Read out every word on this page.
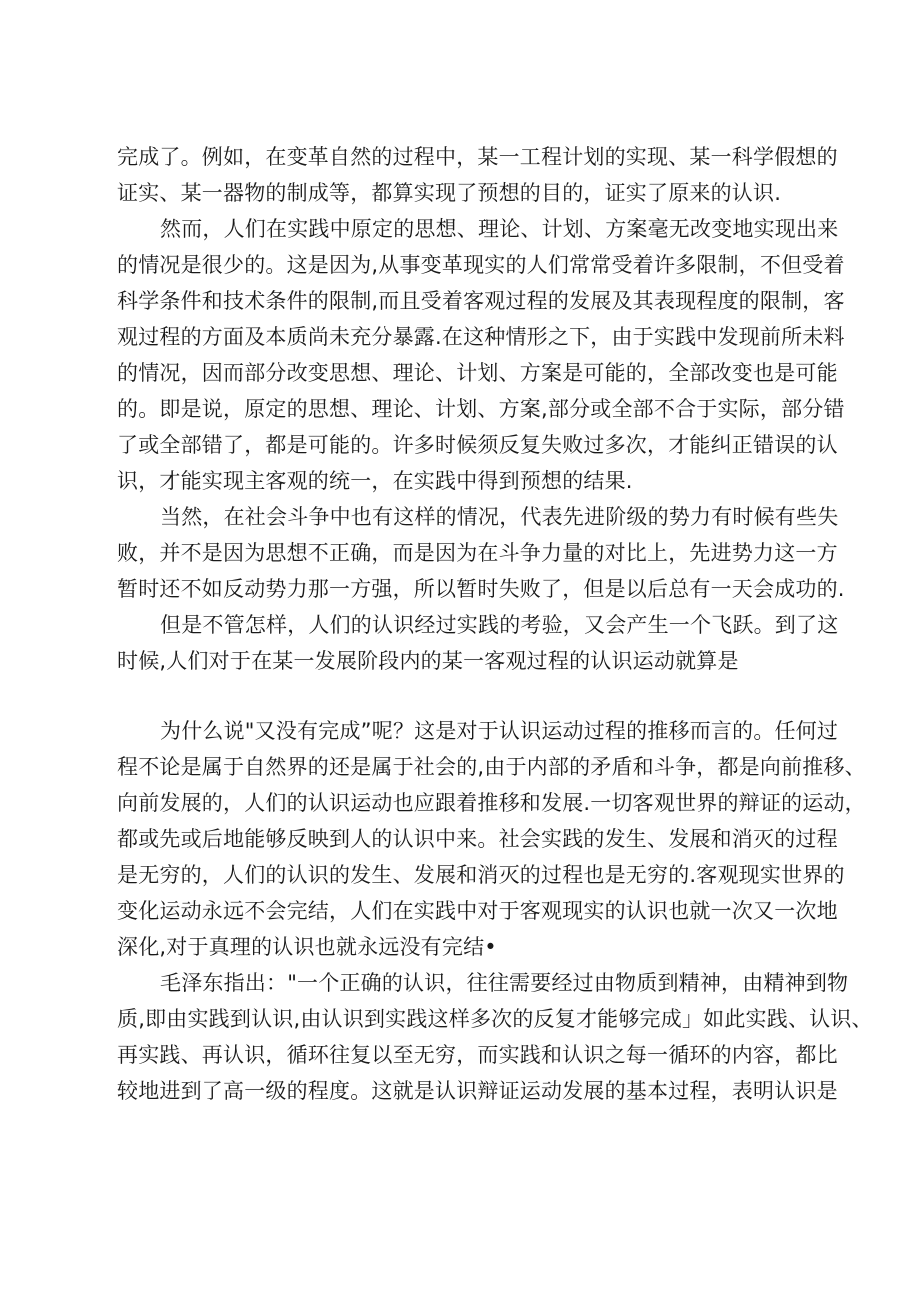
完成了。例如，在变革自然的过程中，某一工程计划的实现、某一科学假想的
证实、某一器物的制成等，都算实现了预想的目的，证实了原来的认识.
然而，人们在实践中原定的思想、理论、计划、方案毫无改变地实现出来
的情况是很少的。这是因为,从事变革现实的人们常常受着许多限制，不但受着
科学条件和技术条件的限制,而且受着客观过程的发展及其表现程度的限制，客
观过程的方面及本质尚未充分暴露.在这种情形之下，由于实践中发现前所未料
的情况，因而部分改变思想、理论、计划、方案是可能的，全部改变也是可能
的。即是说，原定的思想、理论、计划、方案,部分或全部不合于实际，部分错
了或全部错了，都是可能的。许多时候须反复失败过多次，才能纠正错误的认
识，才能实现主客观的统一，在实践中得到预想的结果.
当然，在社会斗争中也有这样的情况，代表先进阶级的势力有时候有些失
败，并不是因为思想不正确，而是因为在斗争力量的对比上，先进势力这一方
暂时还不如反动势力那一方强，所以暂时失败了，但是以后总有一天会成功的.
但是不管怎样，人们的认识经过实践的考验，又会产生一个飞跃。到了这
时候,人们对于在某一发展阶段内的某一客观过程的认识运动就算是
为什么说"又没有完成”呢？这是对于认识运动过程的推移而言的。任何过
程不论是属于自然界的还是属于社会的,由于内部的矛盾和斗争，都是向前推移、
向前发展的，人们的认识运动也应跟着推移和发展.一切客观世界的辩证的运动，
都或先或后地能够反映到人的认识中来。社会实践的发生、发展和消灭的过程
是无穷的，人们的认识的发生、发展和消灭的过程也是无穷的.客观现实世界的
变化运动永远不会完结，人们在实践中对于客观现实的认识也就一次又一次地
深化,对于真理的认识也就永远没有完结•
毛泽东指出："一个正确的认识，往往需要经过由物质到精神，由精神到物
质,即由实践到认识,由认识到实践这样多次的反复才能够完成」如此实践、认识、
再实践、再认识，循环往复以至无穷，而实践和认识之每一循环的内容，都比
较地进到了高一级的程度。这就是认识辩证运动发展的基本过程，表明认识是
